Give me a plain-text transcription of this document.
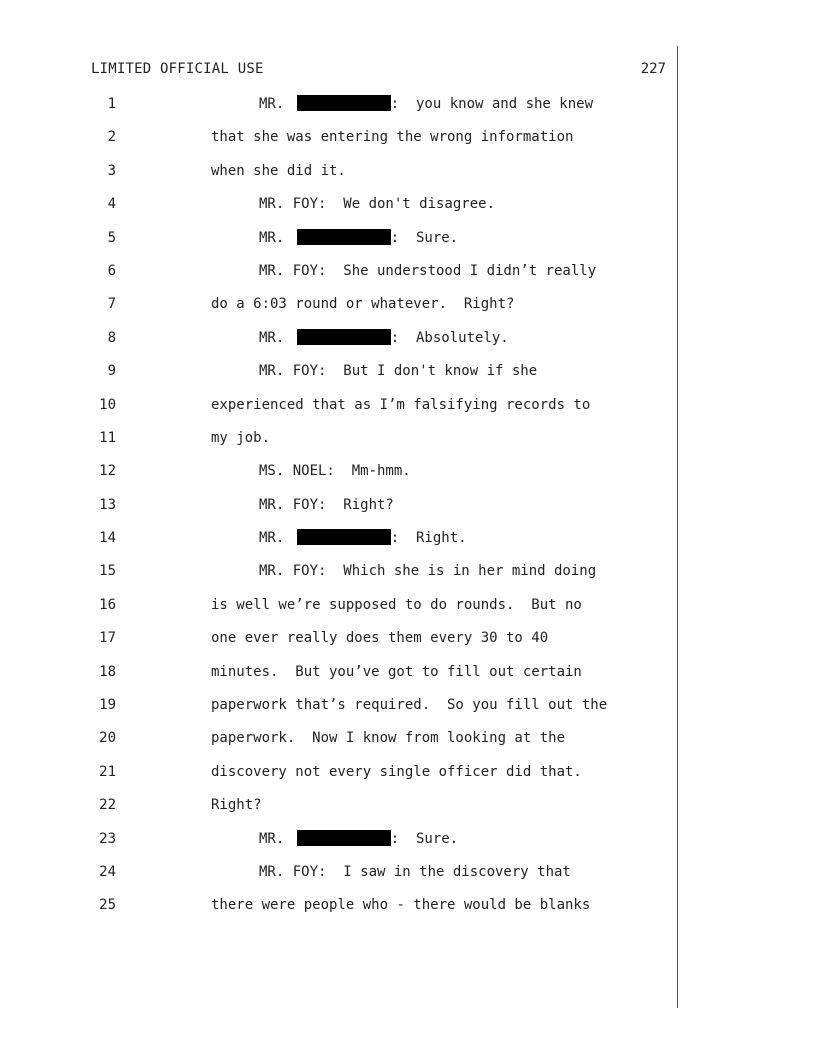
LIMITED OFFICIAL USE	227
1	MR.	:  you know and she knew
2	that she was entering the wrong information
3	when she did it.
4	MR. FOY:  We don't disagree.
5	MR.	:  Sure.
6	MR. FOY:  She understood I didn’t really
7	do a 6:03 round or whatever.  Right?
8	MR.	:  Absolutely.
9	MR. FOY:  But I don't know if she
10	experienced that as I’m falsifying records to
11	my job.
12	MS. NOEL:  Mm-hmm.
13	MR. FOY:  Right?
14	MR.	:  Right.
15	MR. FOY:  Which she is in her mind doing
16	is well we’re supposed to do rounds.  But no
17	one ever really does them every 30 to 40
18	minutes.  But you’ve got to fill out certain
19	paperwork that’s required.  So you fill out the
20	paperwork.  Now I know from looking at the
21	discovery not every single officer did that.
22	Right?
23	MR.	:  Sure.
24	MR. FOY:  I saw in the discovery that
25	there were people who - there would be blanks
